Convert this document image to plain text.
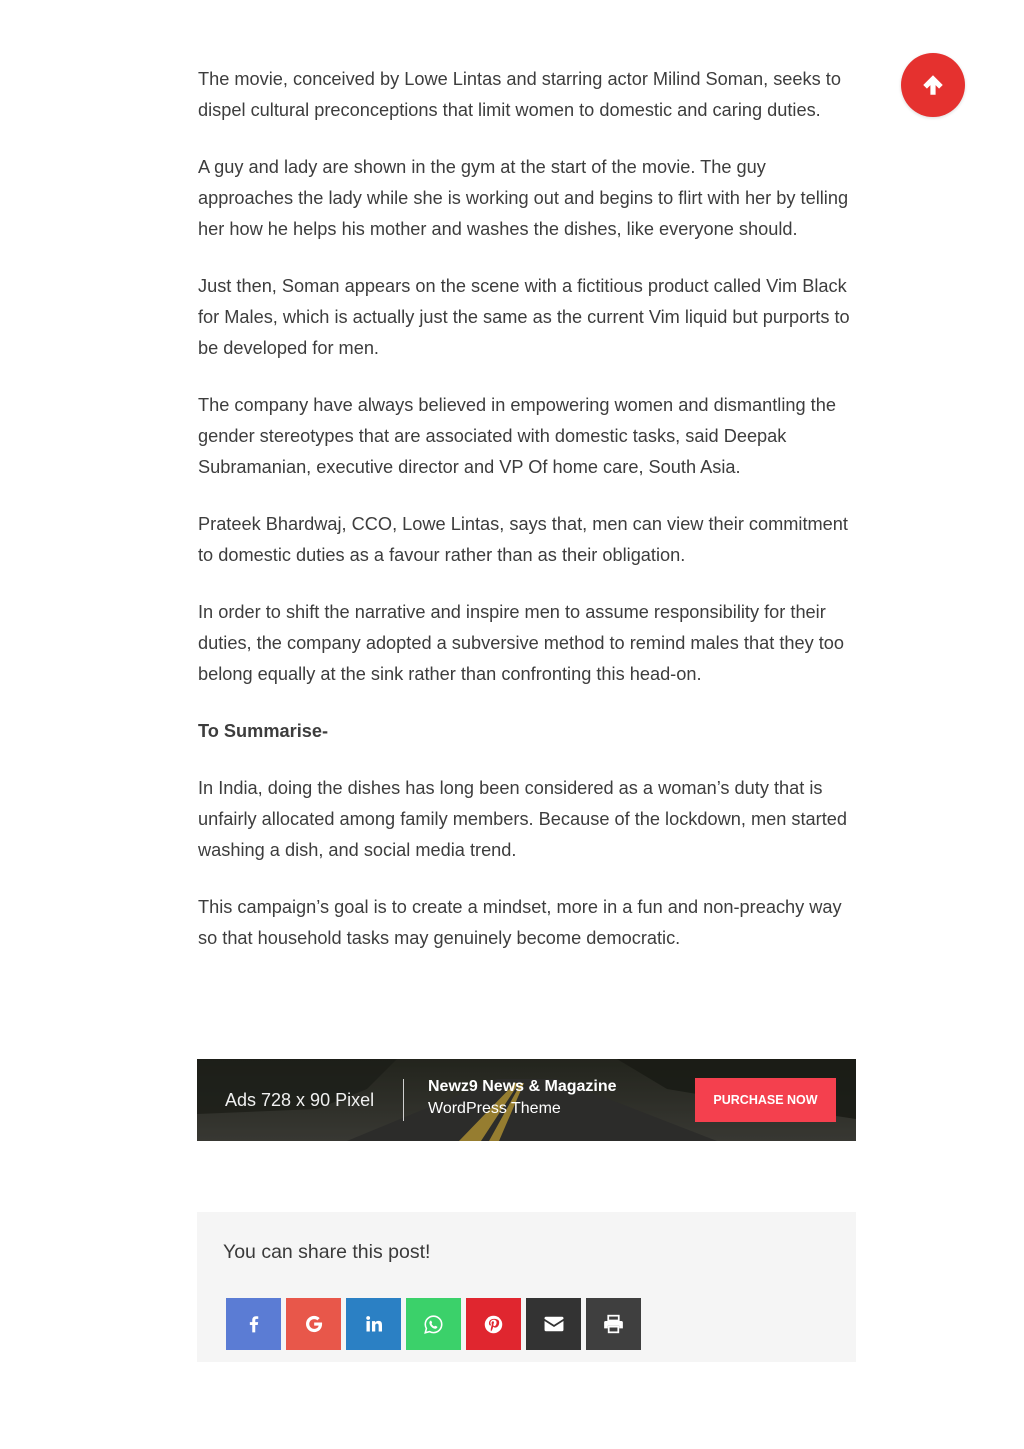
The movie, conceived by Lowe Lintas and starring actor Milind Soman, seeks to dispel cultural preconceptions that limit women to domestic and caring duties.

A guy and lady are shown in the gym at the start of the movie. The guy approaches the lady while she is working out and begins to flirt with her by telling her how he helps his mother and washes the dishes, like everyone should.

Just then, Soman appears on the scene with a fictitious product called Vim Black for Males, which is actually just the same as the current Vim liquid but purports to be developed for men.

The company have always believed in empowering women and dismantling the gender stereotypes that are associated with domestic tasks, said Deepak Subramanian, executive director and VP Of home care, South Asia.

Prateek Bhardwaj, CCO, Lowe Lintas, says that, men can view their commitment to domestic duties as a favour rather than as their obligation.

In order to shift the narrative and inspire men to assume responsibility for their duties, the company adopted a subversive method to remind males that they too belong equally at the sink rather than confronting this head-on.

To Summarise-

In India, doing the dishes has long been considered as a woman’s duty that is unfairly allocated among family members. Because of the lockdown, men started washing a dish, and social media trend.

This campaign’s goal is to create a mindset, more in a fun and non-preachy way so that household tasks may genuinely become democratic.

Ads 728 x 90 Pixel
Newz9 News & Magazine
WordPress Theme	PURCHASE NOW
You can share this post!
